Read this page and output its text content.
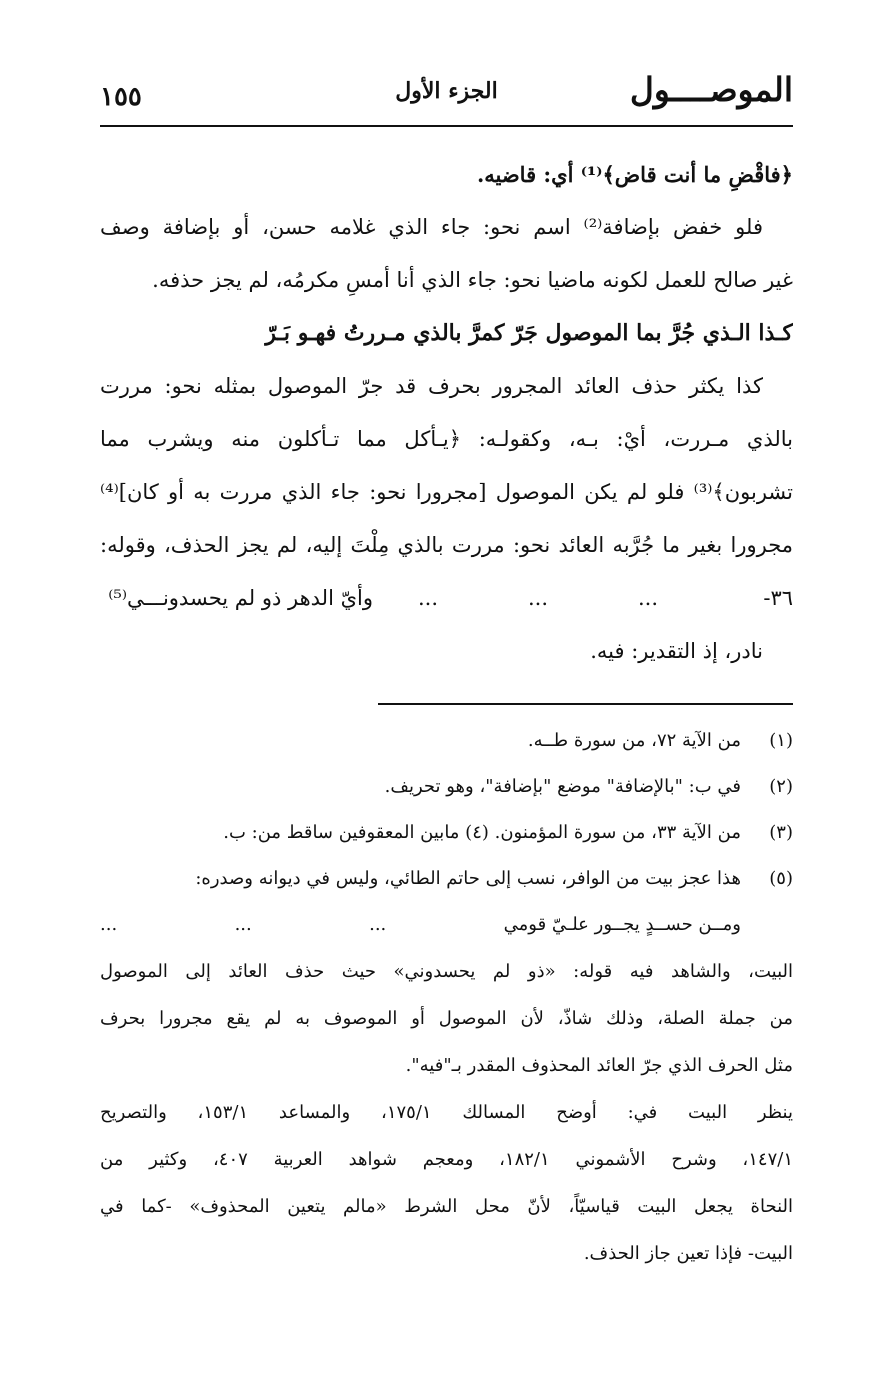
الموصــــول
الجزء الأول
١٥٥
﴿فاقْضِ ما أنت قاض﴾⁽¹⁾ أي: قاضيه.
فلو خفض بإضافة⁽²⁾ اسم نحو: جاء الذي غلامه حسن، أو بإضافة وصف
غير صالح للعمل لكونه ماضيا نحو: جاء الذي أنا أمسِ مكرمُه، لم يجز حذفه.
كـذا الـذي جُرَّ بما الموصول جَرّ كمرَّ بالذي مـررتُ فهـو بَـرّ
كذا يكثر حذف العائد المجرور بحرف قد جرّ الموصول بمثله نحو: مررت
بالذي مـررت، أيْ: بـه، وكقولـه: ﴿يـأكل مما تـأكلون منه ويشرب مما
تشربون﴾⁽³⁾ فلو لم يكن الموصول [مجرورا نحو: جاء الذي مررت به أو كان]⁽⁴⁾
مجرورا بغير ما جُرَّبه العائد نحو: مررت بالذي مِلْتَ إليه، لم يجز الحذف، وقوله:
٣٦-
...
...
...
وأيّ الدهر ذو لم يحسدونـــي⁽⁵⁾
نادر، إذ التقدير: فيه.
(١)من الآية ٧٢، من سورة طــه.
(٢)في ب: "بالإضافة" موضع "بإضافة"، وهو تحريف.
(٣)من الآية ٣٣، من سورة المؤمنون. (٤) مابين المعقوفين ساقط من: ب.
(٥)هذا عجز بيت من الوافر، نسب إلى حاتم الطائي، وليس في ديوانه وصدره:
ومــن حســدٍ يجــور علـيّ قومي
...
...
...
البيت، والشاهد فيه قوله: «ذو لم يحسدوني» حيث حذف العائد إلى الموصول
من جملة الصلة، وذلك شاذّ، لأن الموصول أو الموصوف به لم يقع مجرورا بحرف
مثل الحرف الذي جرّ العائد المحذوف المقدر بـ"فيه".
ينظر البيت في: أوضح المسالك ١٧٥/١، والمساعد ١٥٣/١، والتصريح
١٤٧/١، وشرح الأشموني ١٨٢/١، ومعجم شواهد العربية ٤٠٧، وكثير من
النحاة يجعل البيت قياسيّاً، لأنّ محل الشرط «مالم يتعين المحذوف» -كما في
البيت- فإذا تعين جاز الحذف.
